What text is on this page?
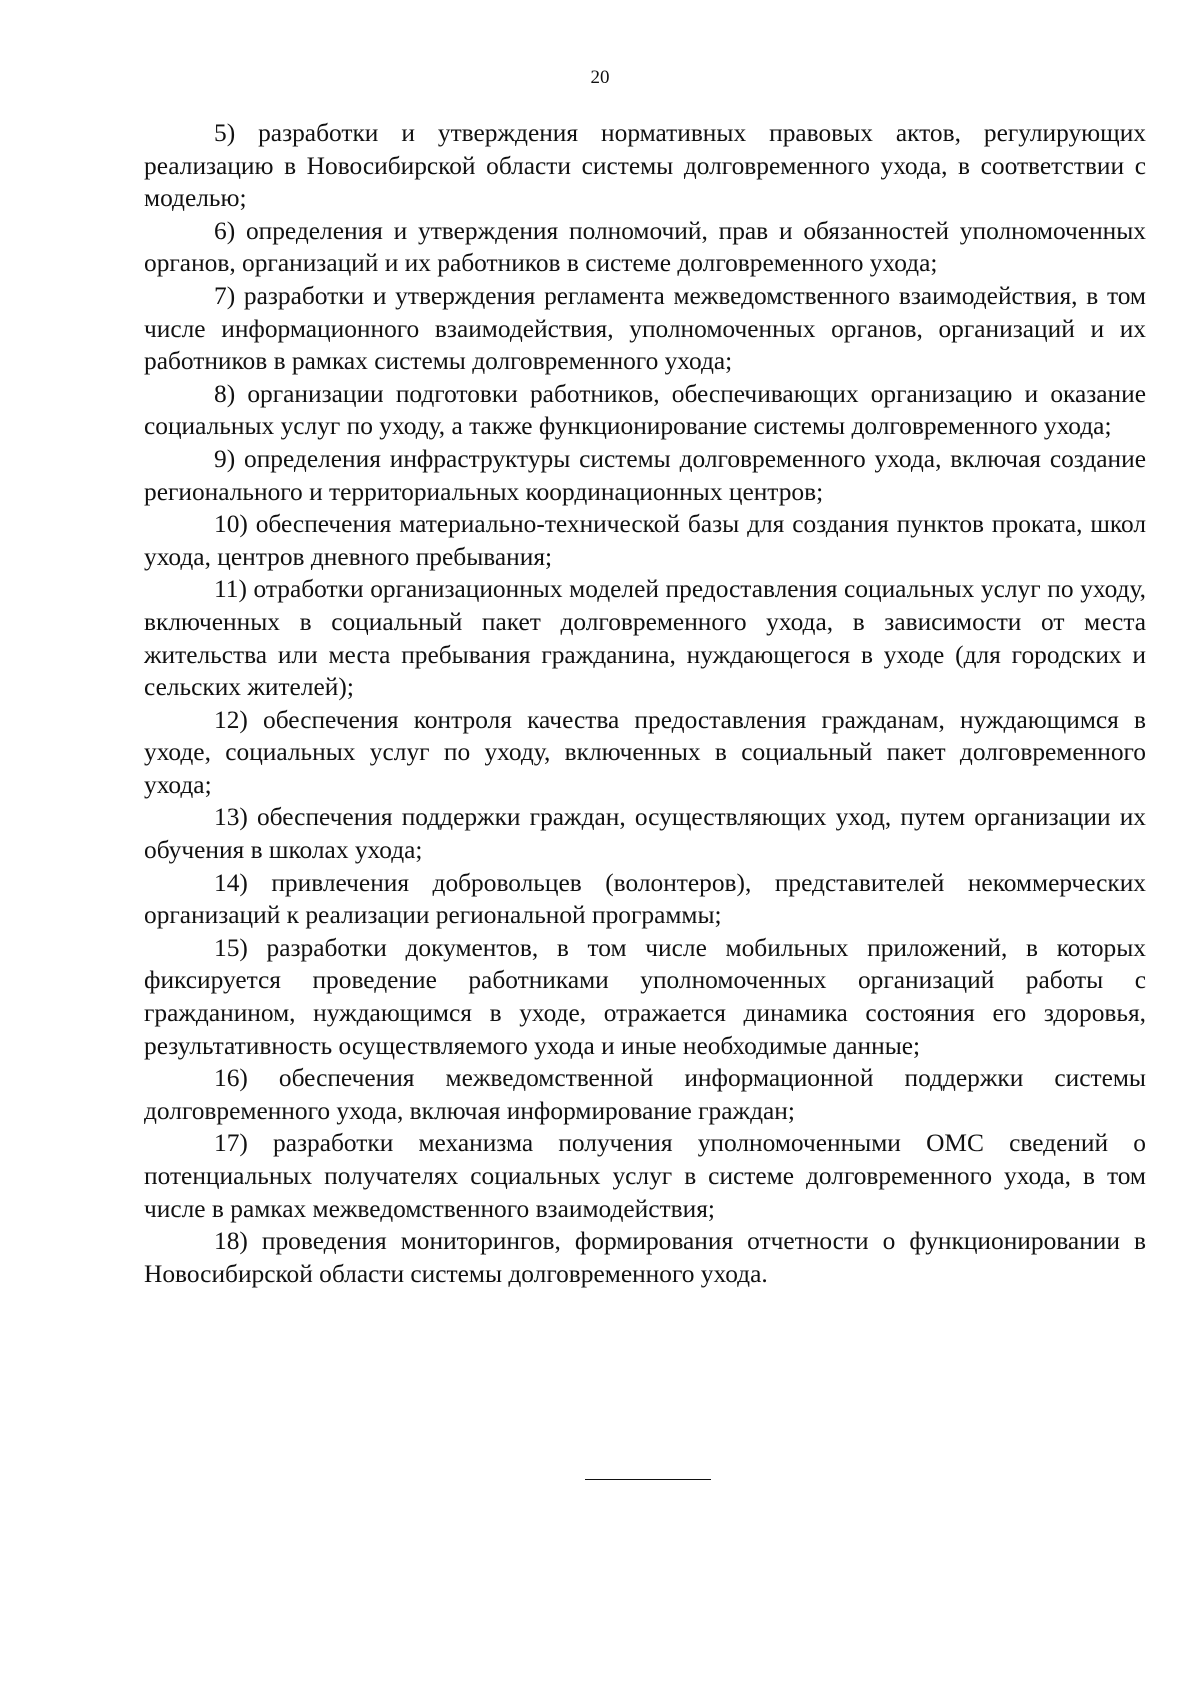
20

5) разработки и утверждения нормативных правовых актов, регулирующих реализацию в Новосибирской области системы долговременного ухода, в соответствии с моделью;

6) определения и утверждения полномочий, прав и обязанностей уполномоченных органов, организаций и их работников в системе долговременного ухода;

7) разработки и утверждения регламента межведомственного взаимодействия, в том числе информационного взаимодействия, уполномоченных органов, организаций и их работников в рамках системы долговременного ухода;

8) организации подготовки работников, обеспечивающих организацию и оказание социальных услуг по уходу, а также функционирование системы долговременного ухода;

9) определения инфраструктуры системы долговременного ухода, включая создание регионального и территориальных координационных центров;

10) обеспечения материально-технической базы для создания пунктов проката, школ ухода, центров дневного пребывания;

11) отработки организационных моделей предоставления социальных услуг по уходу, включенных в социальный пакет долговременного ухода, в зависимости от места жительства или места пребывания гражданина, нуждающегося в уходе (для городских и сельских жителей);

12) обеспечения контроля качества предоставления гражданам, нуждающимся в уходе, социальных услуг по уходу, включенных в социальный пакет долговременного ухода;

13) обеспечения поддержки граждан, осуществляющих уход, путем организации их обучения в школах ухода;

14) привлечения добровольцев (волонтеров), представителей некоммерческих организаций к реализации региональной программы;

15) разработки документов, в том числе мобильных приложений, в которых фиксируется проведение работниками уполномоченных организаций работы с гражданином, нуждающимся в уходе, отражается динамика состояния его здоровья, результативность осуществляемого ухода и иные необходимые данные;

16) обеспечения межведомственной информационной поддержки системы долговременного ухода, включая информирование граждан;

17) разработки механизма получения уполномоченными ОМС сведений о потенциальных получателях социальных услуг в системе долговременного ухода, в том числе в рамках межведомственного взаимодействия;

18) проведения мониторингов, формирования отчетности о функционировании в Новосибирской области системы долговременного ухода.
